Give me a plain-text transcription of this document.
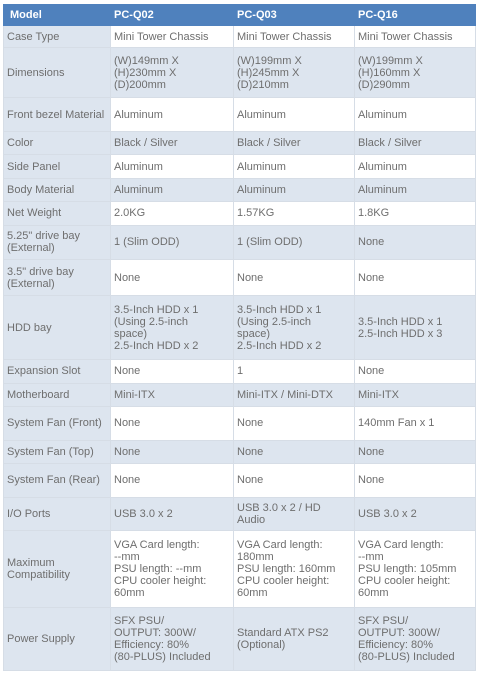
Model	PC-Q02	PC-Q03	PC-Q16
Case Type	Mini Tower Chassis	Mini Tower Chassis	Mini Tower Chassis

Dimensions	(W)149mm X
(H)230mm X
(D)200mm	(W)199mm X
(H)245mm X
(D)210mm	(W)199mm X
(H)160mm X
(D)290mm

Front bezel Material	Aluminum	Aluminum	Aluminum

Color	Black / Silver	Black / Silver	Black / Silver

Side Panel	Aluminum	Aluminum	Aluminum

Body Material	Aluminum	Aluminum	Aluminum

Net Weight	2.0KG	1.57KG	1.8KG

5.25" drive bay (External)	1 (Slim ODD)	1 (Slim ODD)	None

3.5" drive bay (External)	None	None	None

HDD bay	3.5-Inch HDD x 1
(Using 2.5-inch
space)
2.5-Inch HDD x 2	3.5-Inch HDD x 1
(Using 2.5-inch
space)
2.5-Inch HDD x 2	3.5-Inch HDD x 1
2.5-Inch HDD x 3

Expansion Slot	None	1	None

Motherboard	Mini-ITX	Mini-ITX / Mini-DTX	Mini-ITX

System Fan (Front)	None	None	140mm Fan x 1

System Fan (Top)	None	None	None

System Fan (Rear)	None	None	None

I/O Ports	USB 3.0 x 2	USB 3.0 x 2 / HD
Audio	USB 3.0 x 2

Maximum Compatibility	VGA Card length:
--mm
PSU length: --mm
CPU cooler height:
60mm	VGA Card length:
180mm
PSU length: 160mm
CPU cooler height:
60mm	VGA Card length:
--mm
PSU length: 105mm
CPU cooler height:
60mm

Power Supply	SFX PSU/
OUTPUT: 300W/
Efficiency: 80%
(80-PLUS) Included	Standard ATX PS2
(Optional)	SFX PSU/
OUTPUT: 300W/
Efficiency: 80%
(80-PLUS) Included
